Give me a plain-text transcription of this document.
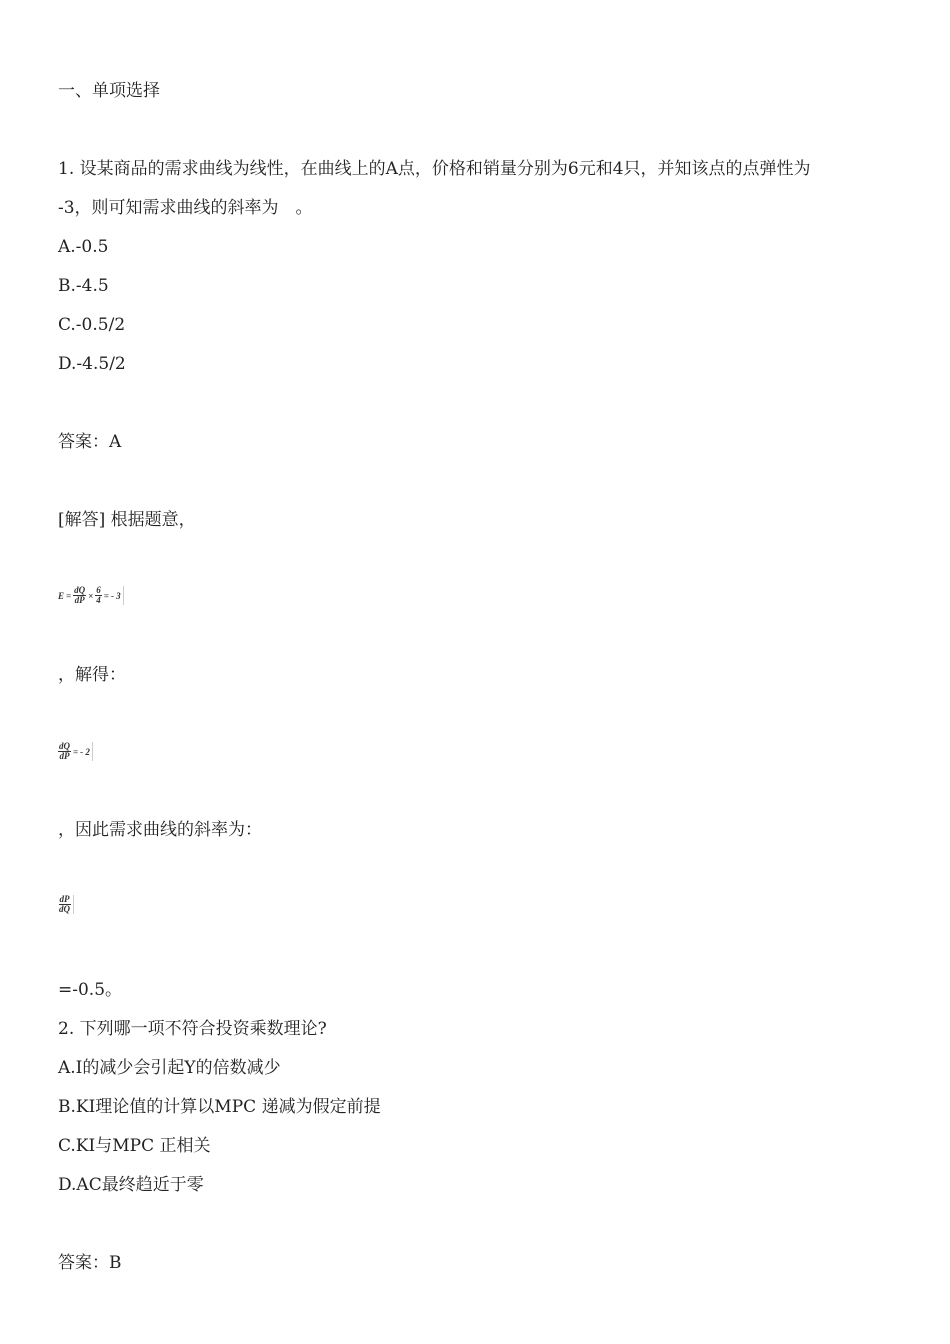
一、单项选择
1. 设某商品的需求曲线为线性，在曲线上的A点，价格和销量分别为6元和4只，并知该点的点弹性为
-3，则可知需求曲线的斜率为　。
A.-0.5
B.-4.5
C.-0.5/2
D.-4.5/2
答案：A
[解答] 根据题意，
$E = \frac{dQ}{dP} \times \frac{6}{4}$ = - 3
，解得：
$\frac{dQ}{dP}$ = - 2
，因此需求曲线的斜率为：
$\frac{dP}{dQ}$
=-0.5。
2. 下列哪一项不符合投资乘数理论?
A.I的减少会引起Y的倍数减少
B.KI理论值的计算以MPC 递减为假定前提
C.KI与MPC 正相关
D.AC最终趋近于零
答案：B
